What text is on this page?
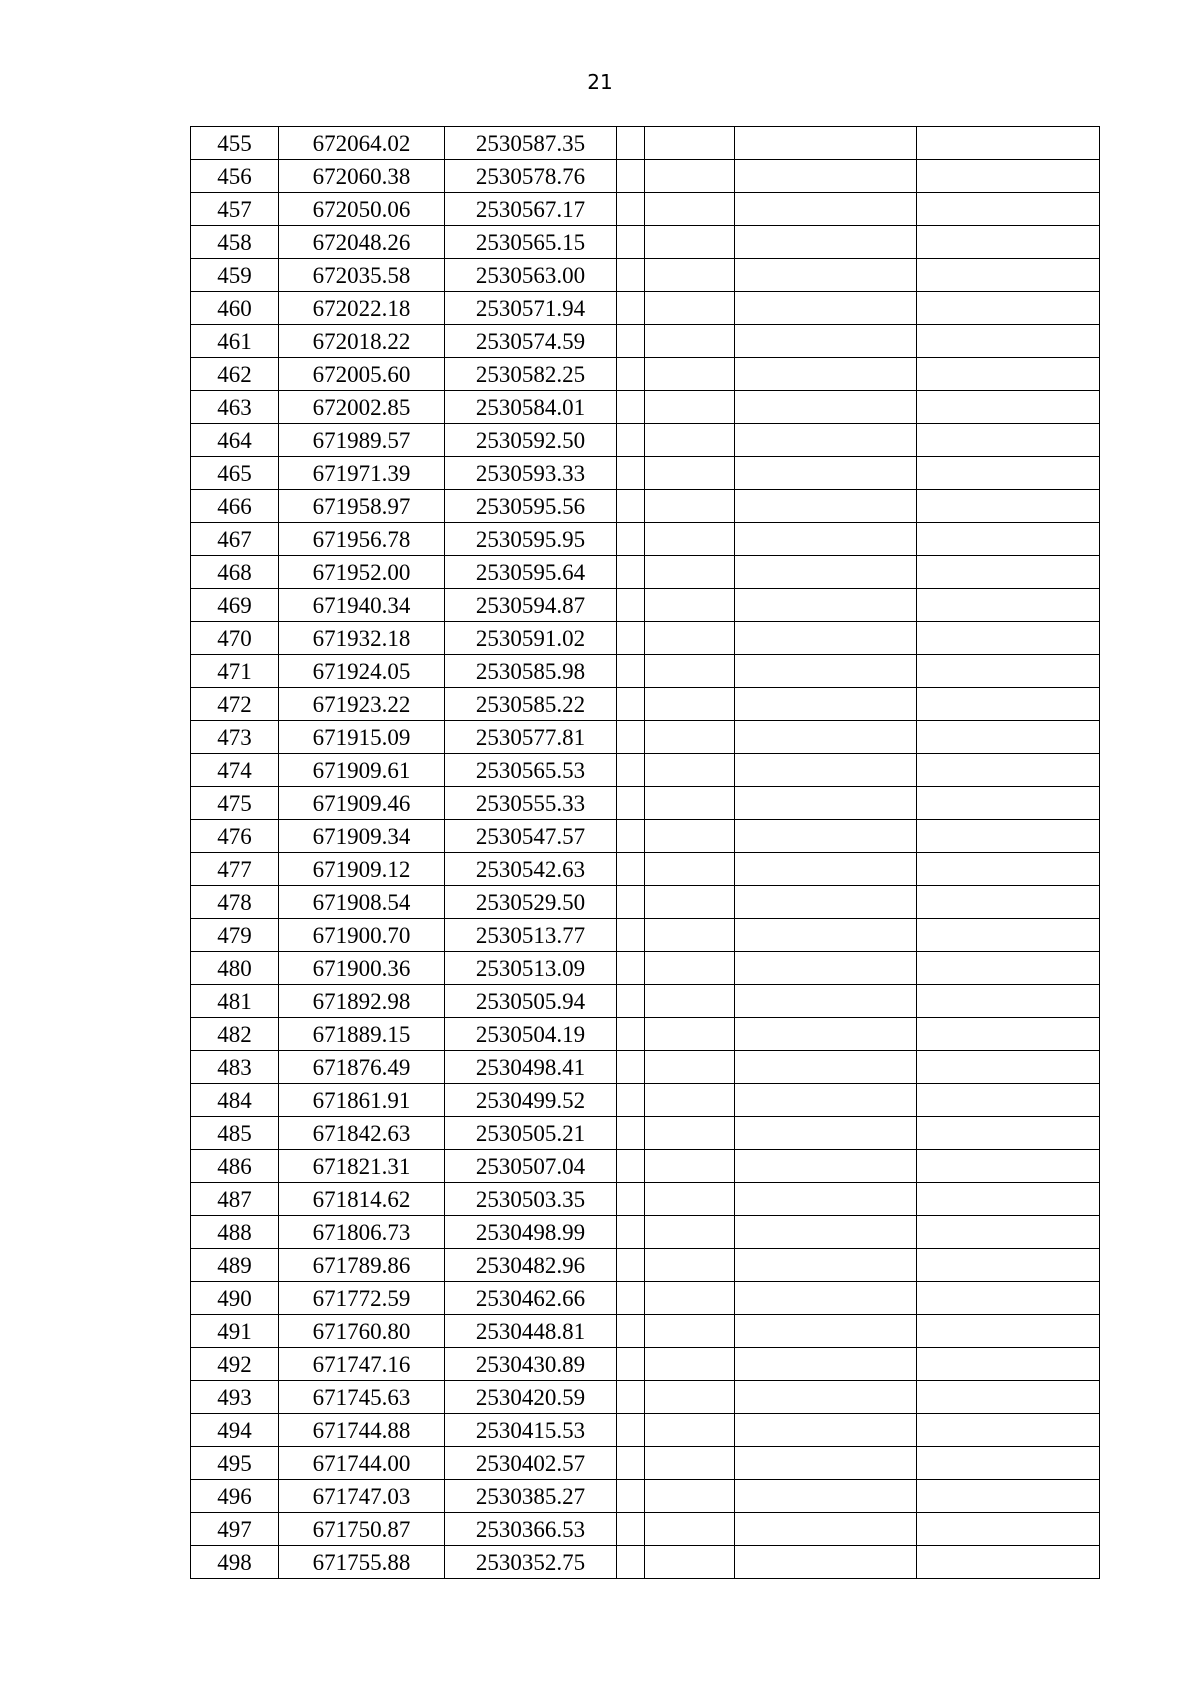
21
455	672064.02	2530587.35				
456	672060.38	2530578.76				
457	672050.06	2530567.17				
458	672048.26	2530565.15				
459	672035.58	2530563.00				
460	672022.18	2530571.94				
461	672018.22	2530574.59				
462	672005.60	2530582.25				
463	672002.85	2530584.01				
464	671989.57	2530592.50				
465	671971.39	2530593.33				
466	671958.97	2530595.56				
467	671956.78	2530595.95				
468	671952.00	2530595.64				
469	671940.34	2530594.87				
470	671932.18	2530591.02				
471	671924.05	2530585.98				
472	671923.22	2530585.22				
473	671915.09	2530577.81				
474	671909.61	2530565.53				
475	671909.46	2530555.33				
476	671909.34	2530547.57				
477	671909.12	2530542.63				
478	671908.54	2530529.50				
479	671900.70	2530513.77				
480	671900.36	2530513.09				
481	671892.98	2530505.94				
482	671889.15	2530504.19				
483	671876.49	2530498.41				
484	671861.91	2530499.52				
485	671842.63	2530505.21				
486	671821.31	2530507.04				
487	671814.62	2530503.35				
488	671806.73	2530498.99				
489	671789.86	2530482.96				
490	671772.59	2530462.66				
491	671760.80	2530448.81				
492	671747.16	2530430.89				
493	671745.63	2530420.59				
494	671744.88	2530415.53				
495	671744.00	2530402.57				
496	671747.03	2530385.27				
497	671750.87	2530366.53				
498	671755.88	2530352.75				
